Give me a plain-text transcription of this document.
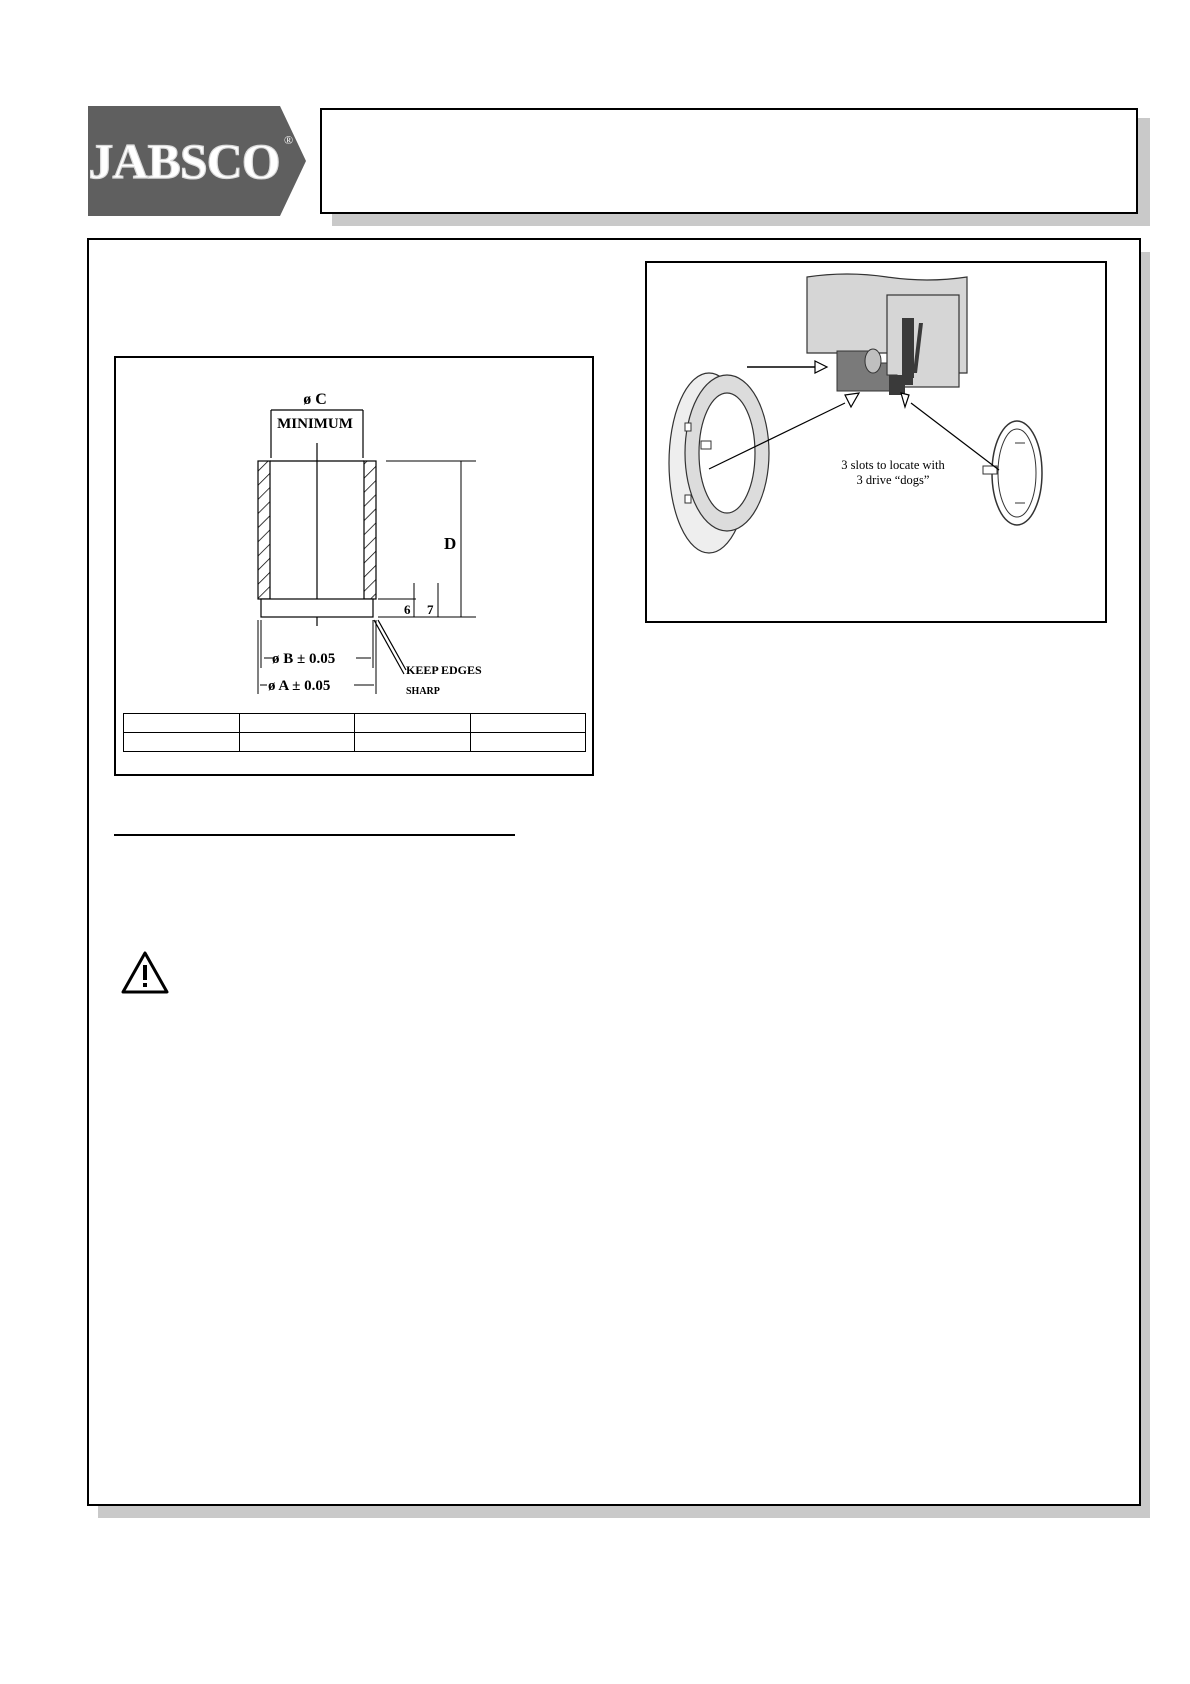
JABSCO ®
ø C
MINIMUM
D
6 7
ø B ± 0.05
ø A ± 0.05
KEEP EDGES
SHARP

3 slots to locate with
3 drive “dogs”
